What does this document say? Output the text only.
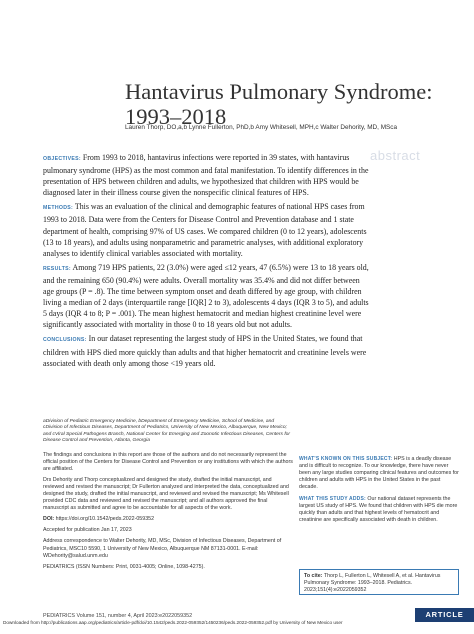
Hantavirus Pulmonary Syndrome: 1993–2018
Lauren Thorp, DO,a,b Lynne Fullerton, PhD,b Amy Whitesell, MPH,c Walter Dehority, MD, MSca
abstract

OBJECTIVES: From 1993 to 2018, hantavirus infections were reported in 39 states, with hantavirus pulmonary syndrome (HPS) as the most common and fatal manifestation. To identify differences in the presentation of HPS between children and adults, we hypothesized that children with HPS would be diagnosed later in their illness course given the nonspecific clinical features of HPS.

METHODS: This was an evaluation of the clinical and demographic features of national HPS cases from 1993 to 2018. Data were from the Centers for Disease Control and Prevention database and 1 state department of health, comprising 97% of US cases. We compared children (0 to 12 years), adolescents (13 to 18 years), and adults using nonparametric and parametric analyses, with additional exploratory analyses to identify clinical variables associated with mortality.

RESULTS: Among 719 HPS patients, 22 (3.0%) were aged ≤12 years, 47 (6.5%) were 13 to 18 years old, and the remaining 650 (90.4%) were adults. Overall mortality was 35.4% and did not differ between age groups (P = .8). The time between symptom onset and death differed by age group, with children living a median of 2 days (interquartile range [IQR] 2 to 3), adolescents 4 days (IQR 3 to 5), and adults 5 days (IQR 4 to 8; P = .001). The mean highest hematocrit and median highest creatinine level were significantly associated with mortality in those 0 to 18 years old but not adults.

CONCLUSIONS: In our dataset representing the largest study of HPS in the United States, we found that children with HPS died more quickly than adults and that higher hematocrit and creatinine levels were associated with death only among those <19 years old.

aDivision of Pediatric Emergency Medicine, bDepartment of Emergency Medicine, School of Medicine, and cDivision of Infectious Diseases, Department of Pediatrics, University of New Mexico, Albuquerque, New Mexico; and cViral Special Pathogens Branch, National Center for Emerging and Zoonotic Infectious Diseases, Centers for Disease Control and Prevention, Atlanta, Georgia

The findings and conclusions in this report are those of the authors and do not necessarily represent the official position of the Centers for Disease Control and Prevention or any institutions with which the authors are affiliated.

Drs Dehority and Thorp conceptualized and designed the study, drafted the initial manuscript, and reviewed and revised the manuscript; Dr Fullerton analyzed and interpreted the data, conceptualized and designed the study, drafted the initial manuscript, and reviewed and revised the manuscript; Ms Whitesell provided CDC data and reviewed and revised the manuscript; and all authors approved the final manuscript as submitted and agree to be accountable for all aspects of the work.

DOI: https://doi.org/10.1542/peds.2022-059352

Accepted for publication Jan 17, 2023

Address correspondence to Walter Dehority, MD, MSc, Division of Infectious Diseases, Department of Pediatrics, MSC10 5590, 1 University of New Mexico, Albuquerque NM 87131-0001. E-mail: WDehority@salud.unm.edu

PEDIATRICS (ISSN Numbers: Print, 0031-4005; Online, 1098-4275).

WHAT'S KNOWN ON THIS SUBJECT: HPS is a deadly disease and is difficult to recognize. To our knowledge, there have never been any large studies comparing clinical features and outcomes for children and adults with HPS in the United States in the past decade.

WHAT THIS STUDY ADDS: Our national dataset represents the largest US study of HPS. We found that children with HPS die more quickly than adults and that highest levels of hematocrit and creatinine are specifically associated with death in children.

To cite: Thorp L, Fullerton L, Whitesell A, et al. Hantavirus Pulmonary Syndrome: 1993–2018. Pediatrics. 2023;151(4):e2022059352
PEDIATRICS Volume 151, number 4, April 2023:e2022059352	ARTICLE
Downloaded from http://publications.aap.org/pediatrics/article-pdf/doi/10.1542/peds.2022-059352/1450236/peds.2022-059352.pdf by University of New Mexico user
